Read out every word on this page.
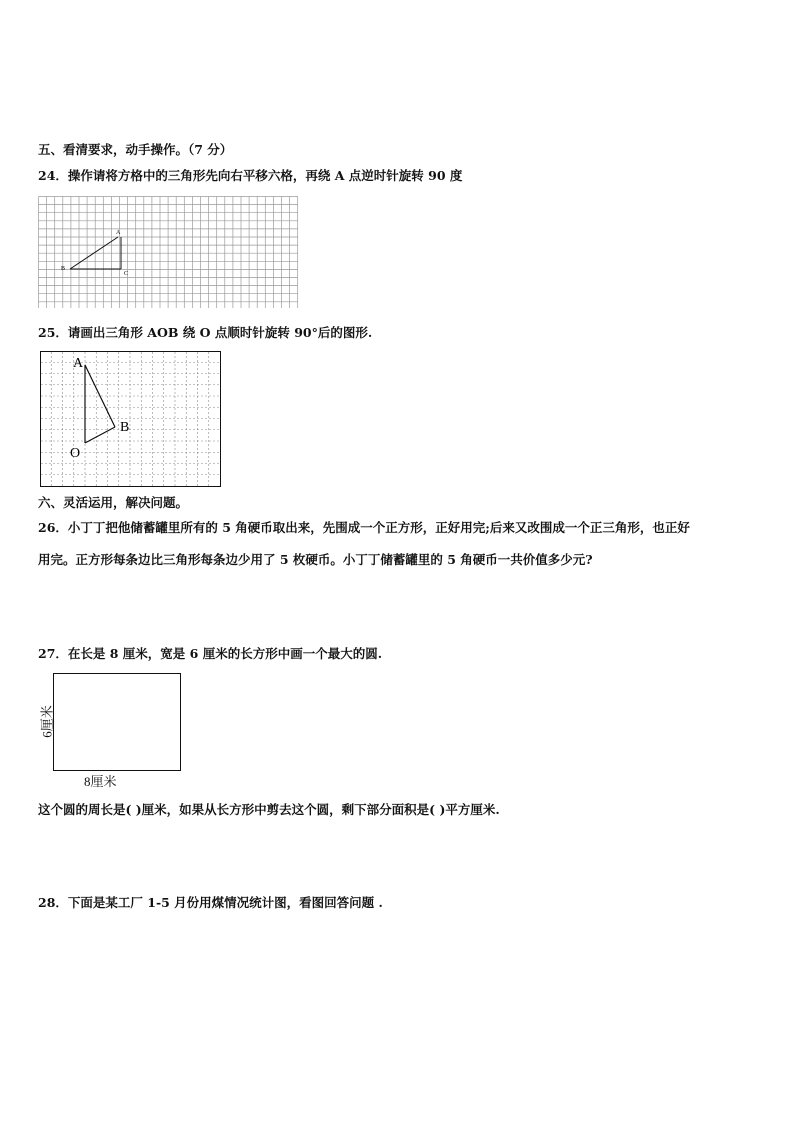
五、看清要求，动手操作。（7 分）
24．操作请将方格中的三角形先向右平移六格，再绕 A 点逆时针旋转 90 度
A
B
C
25．请画出三角形 AOB 绕 O 点顺时针旋转 90°后的图形.
A
B
O
六、灵活运用，解决问题。
26．小丁丁把他储蓄罐里所有的 5 角硬币取出来，先围成一个正方形，正好用完;后来又改围成一个正三角形，也正好
用完。正方形每条边比三角形每条边少用了 5 枚硬币。小丁丁储蓄罐里的 5 角硬币一共价值多少元?
27．在长是 8 厘米，宽是 6 厘米的长方形中画一个最大的圆.
6厘米
8厘米
这个圆的周长是( )厘米，如果从长方形中剪去这个圆，剩下部分面积是( )平方厘米.
28．下面是某工厂 1-5 月份用煤情况统计图，看图回答问题 .
